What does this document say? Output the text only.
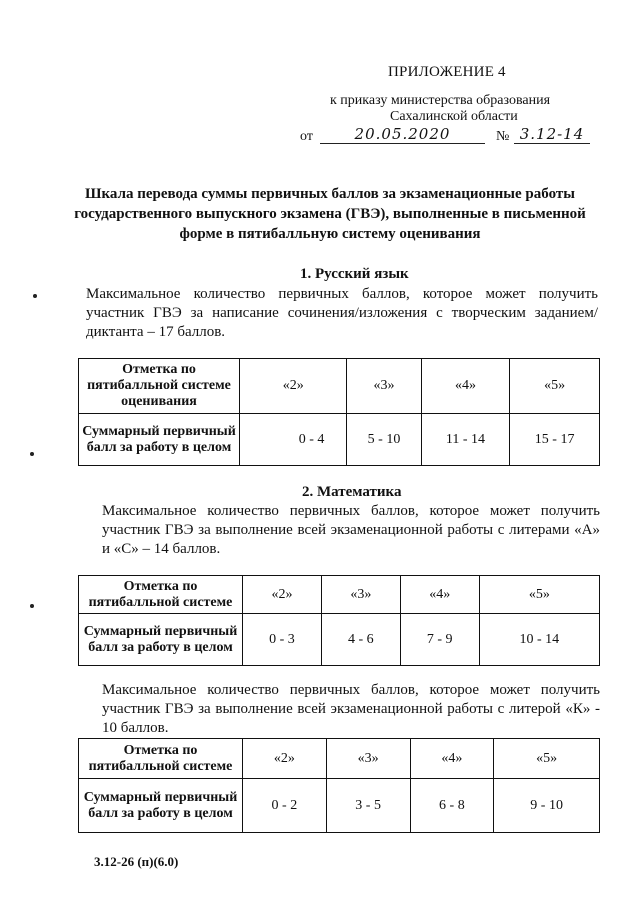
ПРИЛОЖЕНИЕ 4
к приказу министерства образования
Сахалинской области
от	20.05.2020	№ 3.12-14
Шкала перевода суммы первичных баллов за экзаменационные работы государственного выпускного экзамена (ГВЭ), выполненные в письменной форме в пятибалльную систему оценивания
1. Русский язык
Максимальное количество первичных баллов, которое может получить участник ГВЭ за написание сочинения/изложения с творческим заданием/диктанта – 17 баллов.
Отметка по пятибалльной системе оценивания	«2»	«3»	«4»	«5»
Суммарный первичный балл за работу в целом	0 - 4	5 - 10	11 - 14	15 - 17
2. Математика
Максимальное количество первичных баллов, которое может получить участник ГВЭ за выполнение всей экзаменационной работы с литерами «А» и «С» – 14 баллов.
Отметка по пятибалльной системе	«2»	«3»	«4»	«5»
Суммарный первичный балл за работу в целом	0 - 3	4 - 6	7 - 9	10 - 14
Максимальное количество первичных баллов, которое может получить участник ГВЭ за выполнение всей экзаменационной работы с литерой «К» - 10 баллов.
Отметка по пятибалльной системе	«2»	«3»	«4»	«5»
Суммарный первичный балл за работу в целом	0 - 2	3 - 5	6 - 8	9 - 10
3.12-26 (п)(6.0)
